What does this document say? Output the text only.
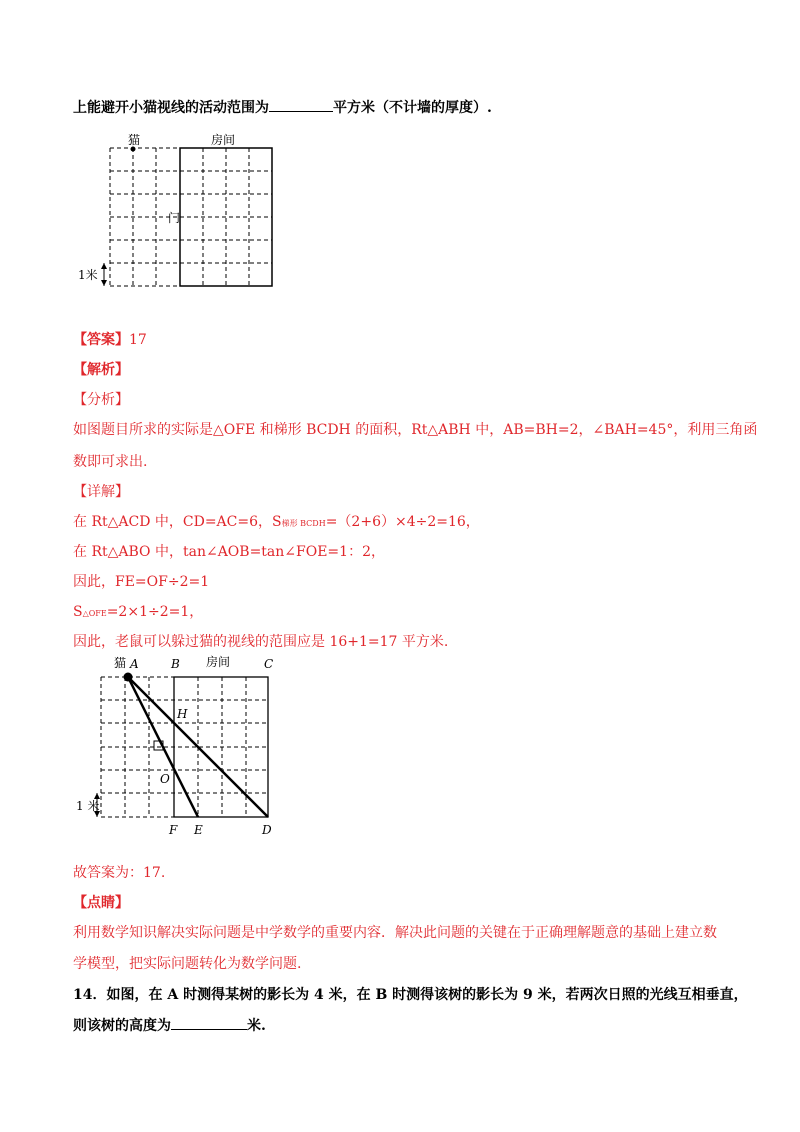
上能避开小猫视线的活动范围为	平方米（不计墙的厚度）.
猫	房间
门
1米
【答案】17
【解析】
【分析】
如图题目所求的实际是△OFE 和梯形 BCDH 的面积，Rt△ABH 中，AB=BH=2，∠BAH=45°，利用三角函
数即可求出.
【详解】
在 Rt△ACD 中，CD=AC=6，S梯形 BCDH=（2+6）×4÷2=16，
在 Rt△ABO 中，tan∠AOB=tan∠FOE=1：2，
因此，FE=OF÷2=1
S△OFE=2×1÷2=1，
因此，老鼠可以躲过猫的视线的范围应是 16+1=17 平方米.
猫 A	B 房间	C
H
O
F E	D
1 米
故答案为：17.
【点睛】
利用数学知识解决实际问题是中学数学的重要内容．解决此问题的关键在于正确理解题意的基础上建立数
学模型，把实际问题转化为数学问题.
14．如图，在 A 时测得某树的影长为 4 米，在 B 时测得该树的影长为 9 米，若两次日照的光线互相垂直，
则该树的高度为	米.
